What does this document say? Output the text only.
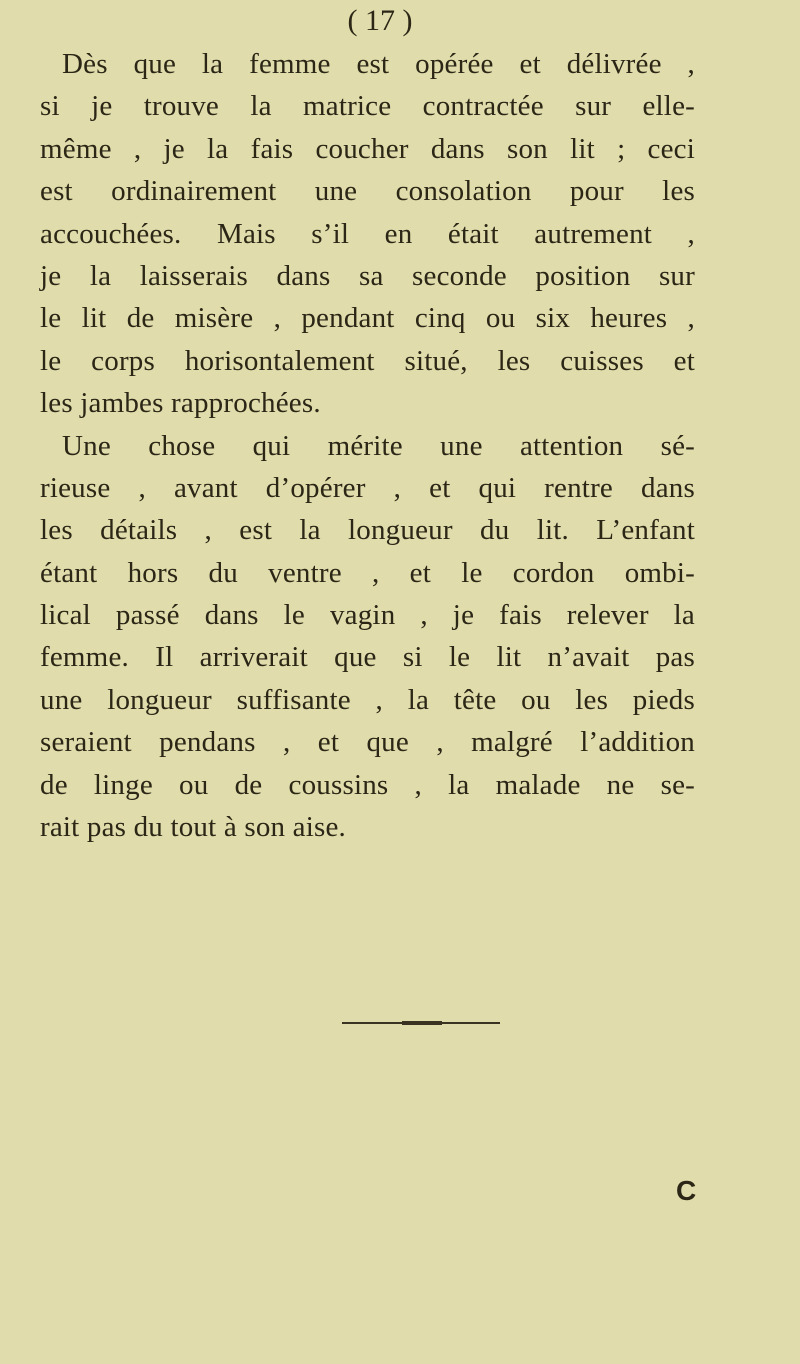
( 17 )
Dès que la femme est opérée et délivrée ,
si je trouve la matrice contractée sur elle-
même , je la fais coucher dans son lit ; ceci
est ordinairement une consolation pour les
accouchées. Mais s’il en était autrement ,
je la laisserais dans sa seconde position sur
le lit de misère , pendant cinq ou six heures ,
le corps horisontalement situé, les cuisses et
les jambes rapprochées.
Une chose qui mérite une attention sé-
rieuse , avant d’opérer , et qui rentre dans
les détails , est la longueur du lit. L’enfant
étant hors du ventre , et le cordon ombi-
lical passé dans le vagin , je fais relever la
femme. Il arriverait que si le lit n’avait pas
une longueur suffisante , la tête ou les pieds
seraient pendans , et que , malgré l’addition
de linge ou de coussins , la malade ne se-
rait pas du tout à son aise.
C
